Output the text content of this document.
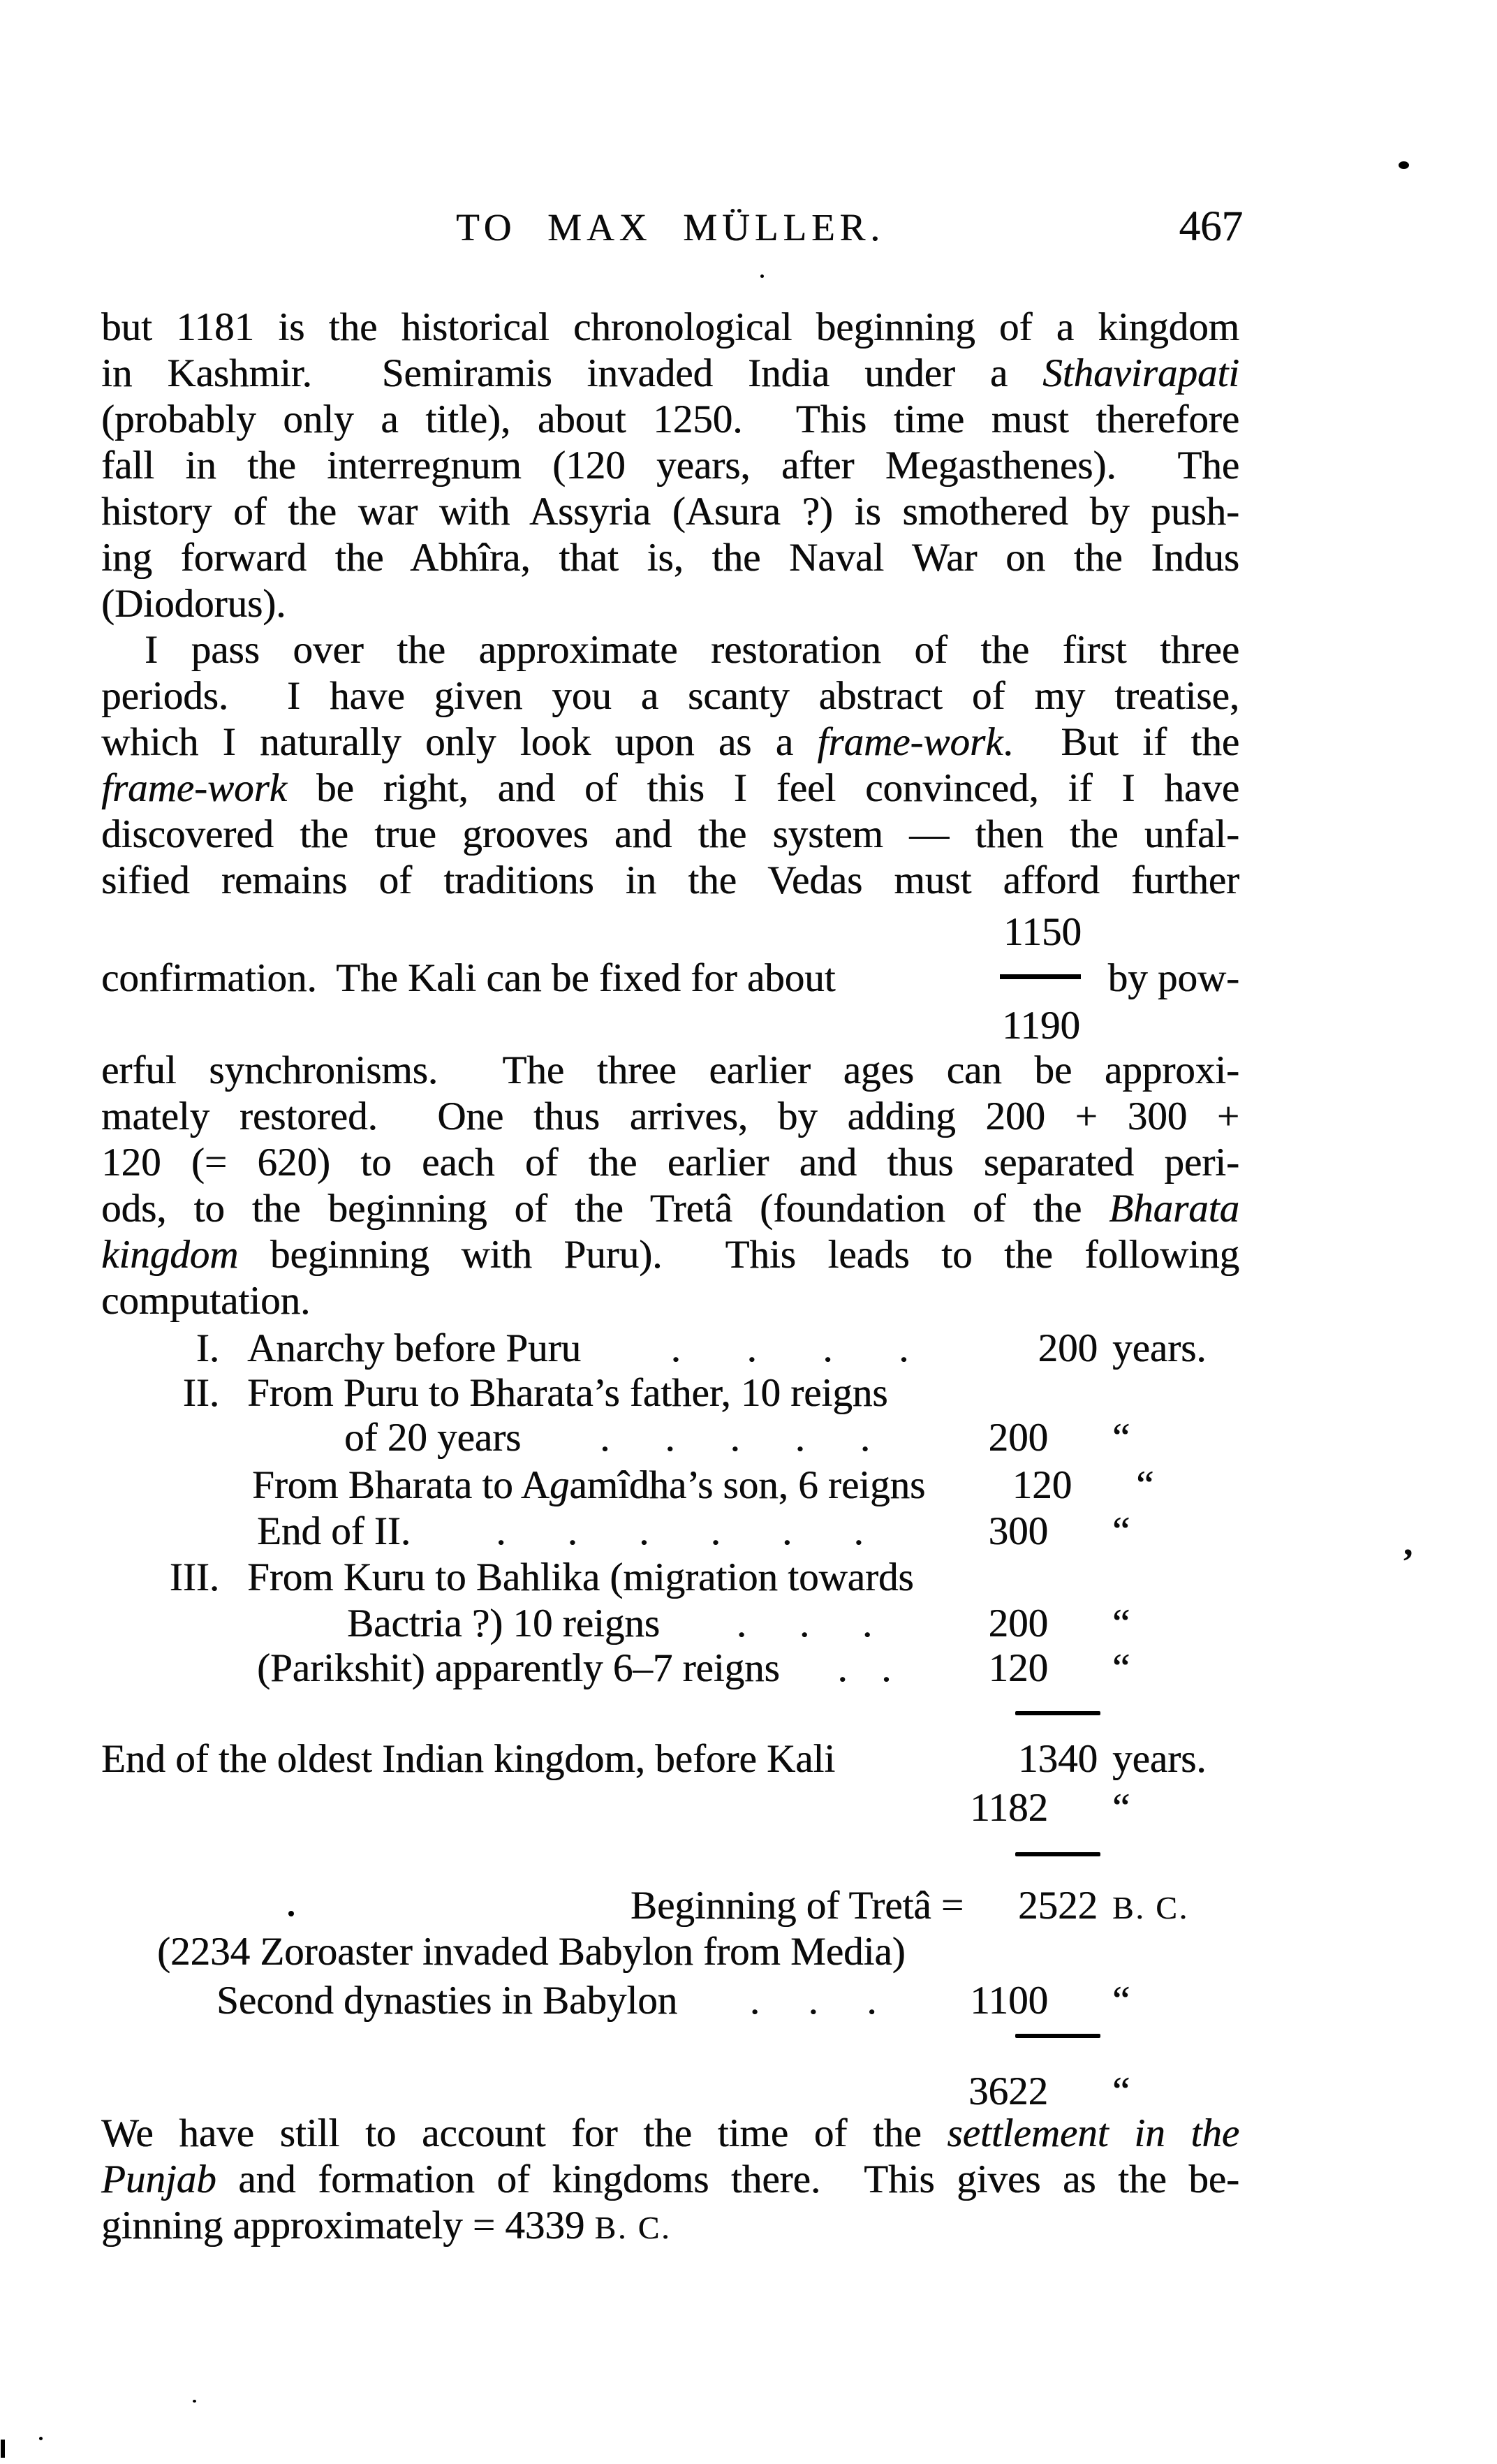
TO MAX MÜLLER.	467
but 1181 is the historical chronological beginning of a kingdom
in Kashmir.  Semiramis invaded India under a Sthavirapati
(probably only a title), about 1250.  This time must therefore
fall in the interregnum (120 years, after Megasthenes).  The
history of the war with Assyria (Asura ?) is smothered by push-
ing forward the Abhîra, that is, the Naval War on the Indus
(Diodorus).
I pass over the approximate restoration of the first three
periods.  I have given you a scanty abstract of my treatise,
which I naturally only look upon as a frame-work.  But if the
frame-work be right, and of this I feel convinced, if I have
discovered the true grooves and the system — then the unfal-
sified remains of traditions in the Vedas must afford further
erful synchronisms.  The three earlier ages can be approxi-
mately restored.  One thus arrives, by adding 200 + 300 +
120 (= 620) to each of the earlier and thus separated peri-
ods, to the beginning of the Tretâ (foundation of the Bharata
kingdom beginning with Puru).  This leads to the following
computation.
(2234 Zoroaster invaded Babylon from Media)
We have still to account for the time of the settlement in the
Punjab and formation of kingdoms there.  This gives as the be-
ginning approximately = 4339 B. C.
1150
1190
confirmation.  The Kali can be fixed for about	by pow-
I. Anarchy before Puru . . . .	200 years.
II. From Puru to Bharata’s father, 10 reigns
of 20 years . . . . .	200	“
From Bharata to Agamîdha’s son, 6 reigns	120	“
End of II. . . . . . .	300	“
III. From Kuru to Bahlika (migration towards
Bactria ?) 10 reigns . . .	200	“
(Parikshit) apparently 6–7 reigns . .	120	“
End of the oldest Indian kingdom, before Kali	1340 years.

1182	“
Beginning of Tretâ =	2522 B. C.
Second dynasties in Babylon . . .	1100	“

3622	“
,
